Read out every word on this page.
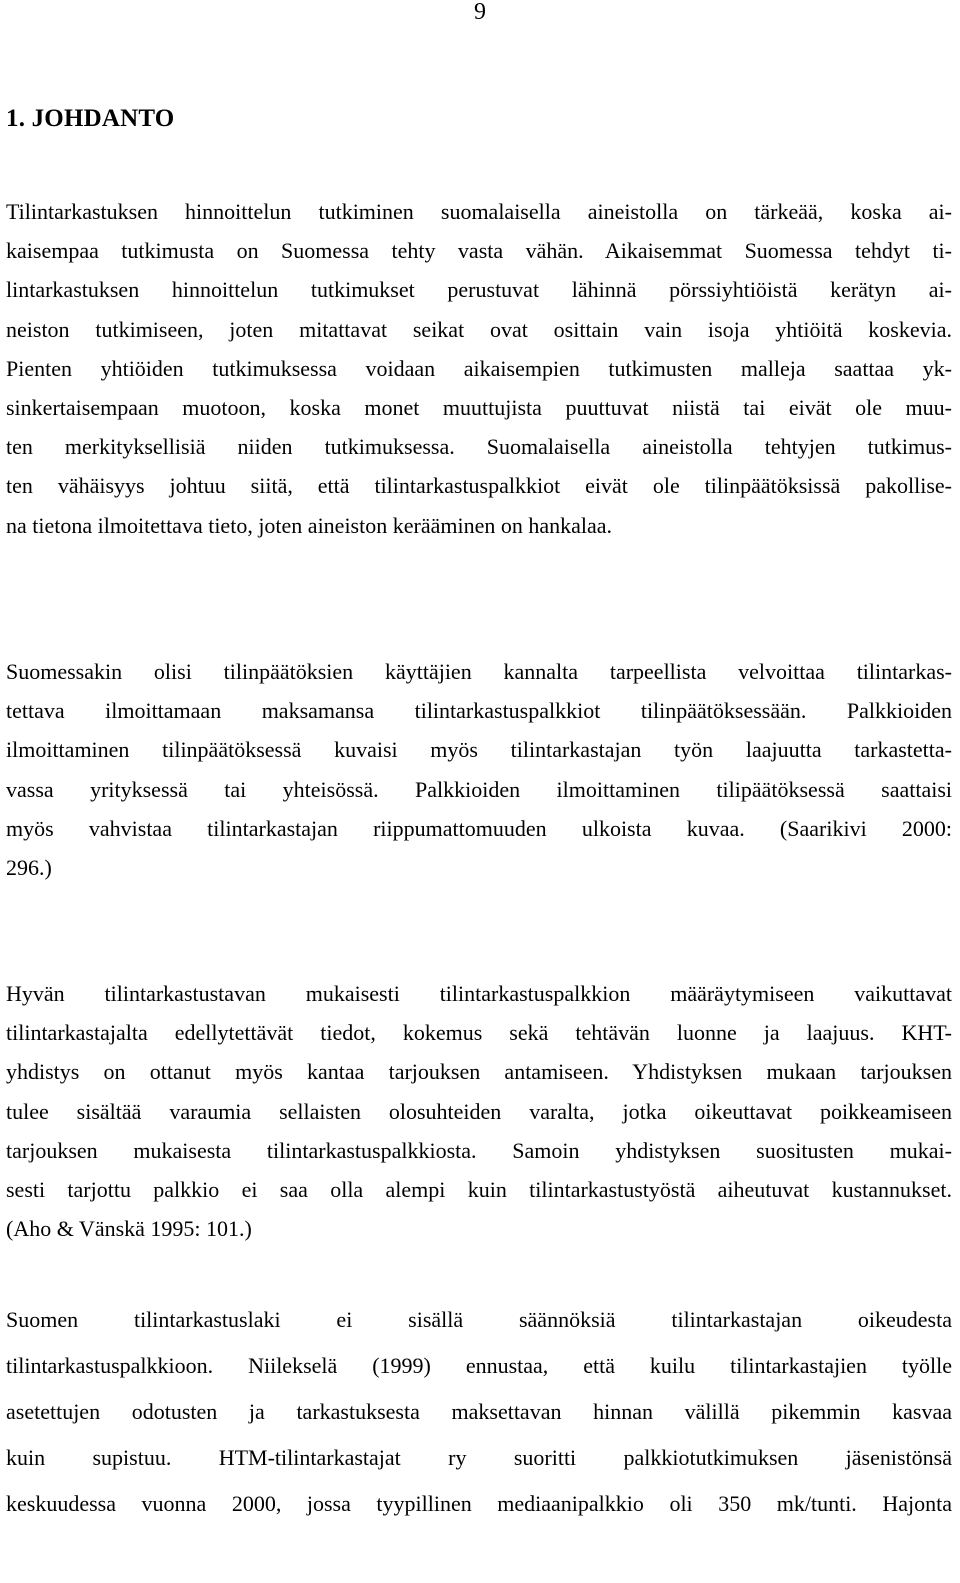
9
1. JOHDANTO

Tilintarkastuksen hinnoittelun tutkiminen suomalaisella aineistolla on tärkeää, koska ai-
kaisempaa tutkimusta on Suomessa tehty vasta vähän. Aikaisemmat Suomessa tehdyt ti-
lintarkastuksen hinnoittelun tutkimukset perustuvat lähinnä pörssiyhtiöistä kerätyn ai-
neiston tutkimiseen, joten mitattavat seikat ovat osittain vain isoja yhtiöitä koskevia.
Pienten yhtiöiden tutkimuksessa voidaan aikaisempien tutkimusten malleja saattaa yk-
sinkertaisempaan muotoon, koska monet muuttujista puuttuvat niistä tai eivät ole muu-
ten merkityksellisiä niiden tutkimuksessa. Suomalaisella aineistolla tehtyjen tutkimus-
ten vähäisyys johtuu siitä, että tilintarkastuspalkkiot eivät ole tilinpäätöksissä pakollise-
na tietona ilmoitettava tieto, joten aineiston kerääminen on hankalaa.

Suomessakin olisi tilinpäätöksien käyttäjien kannalta tarpeellista velvoittaa tilintarkas-
tettava ilmoittamaan maksamansa tilintarkastuspalkkiot tilinpäätöksessään. Palkkioiden
ilmoittaminen tilinpäätöksessä kuvaisi myös tilintarkastajan työn laajuutta tarkastetta-
vassa yrityksessä tai yhteisössä. Palkkioiden ilmoittaminen tilipäätöksessä saattaisi
myös vahvistaa tilintarkastajan riippumattomuuden ulkoista kuvaa. (Saarikivi 2000:
296.)

Hyvän tilintarkastustavan mukaisesti tilintarkastuspalkkion määräytymiseen vaikuttavat
tilintarkastajalta edellytettävät tiedot, kokemus sekä tehtävän luonne ja laajuus. KHT-
yhdistys on ottanut myös kantaa tarjouksen antamiseen. Yhdistyksen mukaan tarjouksen
tulee sisältää varaumia sellaisten olosuhteiden varalta, jotka oikeuttavat poikkeamiseen
tarjouksen mukaisesta tilintarkastuspalkkiosta. Samoin yhdistyksen suositusten mukai-
sesti tarjottu palkkio ei saa olla alempi kuin tilintarkastustyöstä aiheutuvat kustannukset.
(Aho & Vänskä 1995: 101.)

Suomen tilintarkastuslaki ei sisällä säännöksiä tilintarkastajan oikeudesta
tilintarkastuspalkkioon. Niilekselä (1999) ennustaa, että kuilu tilintarkastajien työlle
asetettujen odotusten ja tarkastuksesta maksettavan hinnan välillä pikemmin kasvaa
kuin supistuu. HTM-tilintarkastajat ry suoritti palkkiotutkimuksen jäsenistönsä
keskuudessa vuonna 2000, jossa tyypillinen mediaanipalkkio oli 350 mk/tunti. Hajonta
